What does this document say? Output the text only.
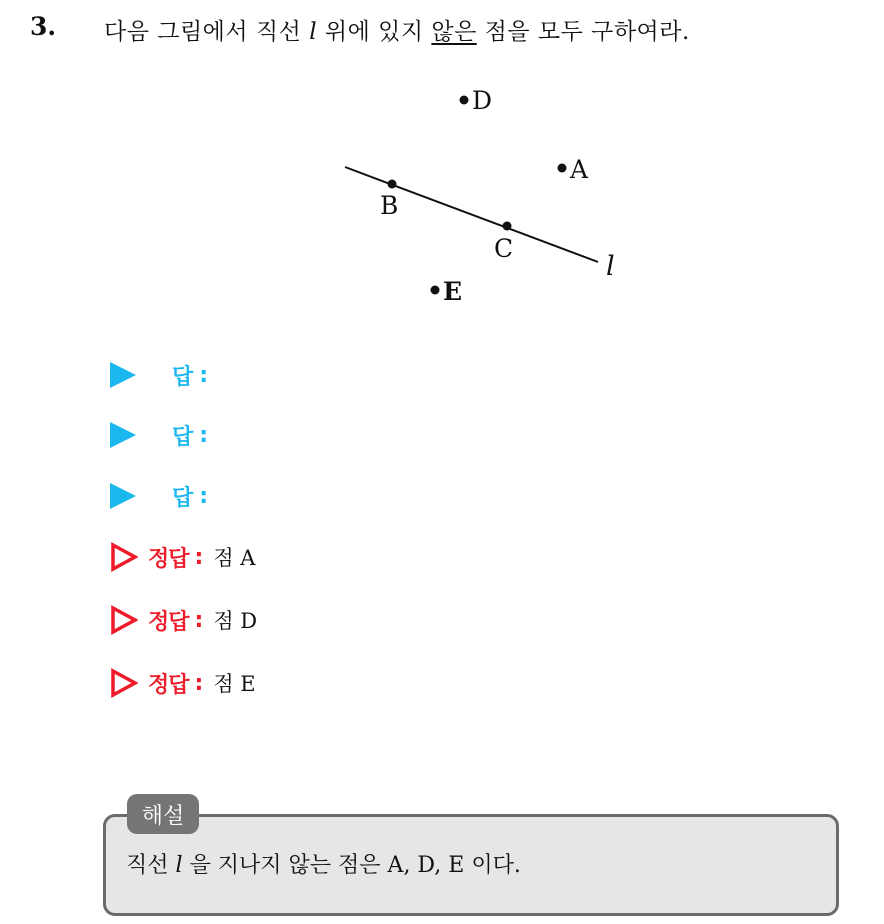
3. 다음 그림에서 직선 l 위에 있지 않은 점을 모두 구하여라.
D
A
B
C
E
l
답 :
답 :
답 :
정답 : 점 A
정답 : 점 D
정답 : 점 E
해설
직선 l 을 지나지 않는 점은 A, D, E 이다.
